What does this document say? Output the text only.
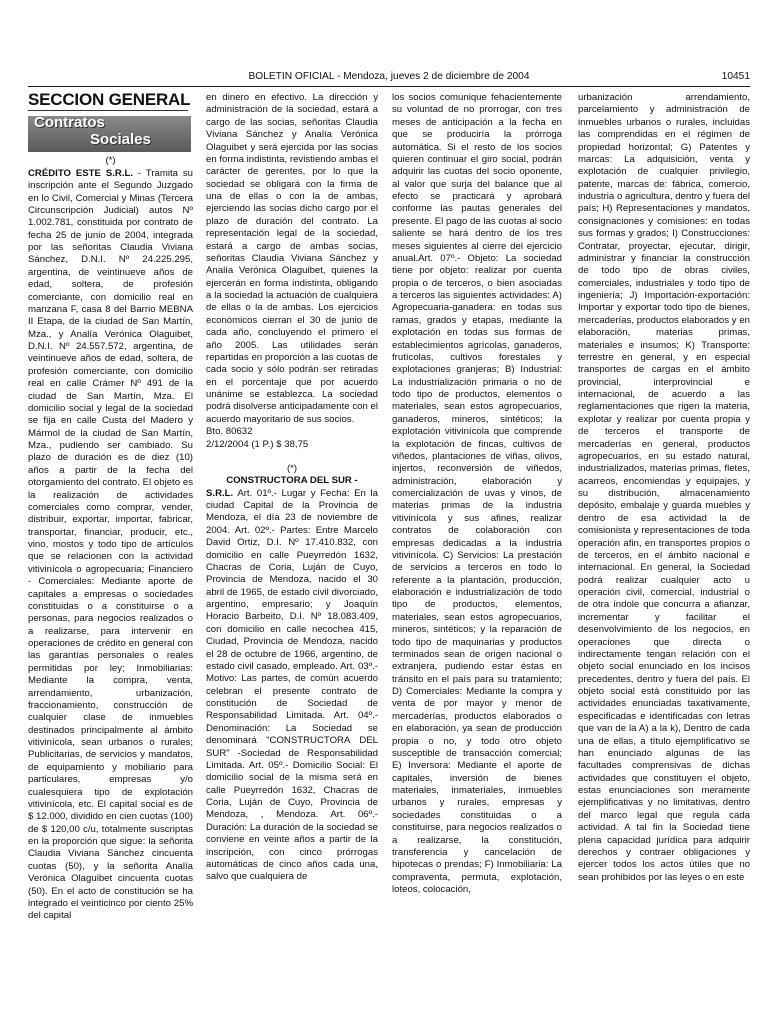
BOLETIN OFICIAL - Mendoza, jueves 2 de diciembre de 2004	10451
SECCION GENERAL
Contratos
Sociales

(*)

CRÉDITO ESTE S.R.L. - Tramita su inscripción ante el Segundo Juzgado en lo Civil, Comercial y Minas (Tercera Circunscripción Judicial) autos Nº 1.002.781, constituida por contrato de fecha 25 de junio de 2004, integrada por las señoritas Claudia Viviana Sánchez, D.N.I. Nº 24.225.295, argentina, de veintinueve años de edad, soltera, de profesión comerciante, con domicilio real en manzana F, casa 8 del Barrio MEBNA II Etapa, de la ciudad de San Martín, Mza., y Analía Verónica Olaguibet, D.N.I. Nº 24.557.572, argentina, de veintinueve años de edad, soltera, de profesión comerciante, con domicilio real en calle Crámer Nº 491 de la ciudad de San Martín, Mza. El domicilio social y legal de la sociedad se fija en calle Custa del Madero y Mármol de la ciudad de San Martín, Mza., pudiendo ser cambiado. Su plazo de duración es de diez (10) años a partir de la fecha del otorgamiento del contrato. El objeto es la realización de actividades comerciales como comprar, vender, distribuir, exportar, importar, fabricar, transportar, financiar, producir, etc., vino, mostos y todo tipo de artículos que se relacionen con la actividad vitivinícola o agropecuaria; Financiero - Comerciales: Mediante aporte de capitales a empresas o sociedades constituidas o a constituirse o a personas, para negocios realizados o a realizarse, para intervenir en operaciones de crédito en general con las garantías personales o reales permitidas por ley; Inmobiliarias: Mediante la compra, venta, arrendamiento, urbanización, fraccionamiento, construcción de cualquier clase de inmuebles destinados principalmente al ámbito vitivinícola, sean urbanos o rurales; Publicitarias, de servicios y mandatos, de equipamiento y mobiliario para particulares, empresas y/o cualesquiera tipo de explotación vitivinícola, etc. El capital social es de $ 12.000, dividido en cien cuotas (100) de $ 120,00 c/u, totalmente suscriptas en la proporción que sigue: la señorita Claudia Viviana Sánchez cincuenta cuotas (50), y la señorita Analía Verónica Olaguibet cincuenta cuotas (50). En el acto de constitución se ha integrado el veinticinco por ciento 25% del capital

en dinero en efectivo. La dirección y administración de la sociedad, estará a cargo de las socias, señoritas Claudia Viviana Sánchez y Analía Verónica Olaguibet y será ejercida por las socias en forma indistinta, revistiendo ambas el carácter de gerentes, por lo que la sociedad se obligará con la firma de una de ellas o con la de ambas, ejerciendo las socias dicho cargo por el plazo de duración del contrato. La representación legal de la sociedad, estará a cargo de ambas socias, señoritas Claudia Viviana Sánchez y Analía Verónica Olaguibet, quienes la ejercerán en forma indistinta, obligando a la sociedad la actuación de cualquiera de ellas o la de ambas. Los ejercicios económicos cierran el 30 de junio de cada año, concluyendo el primero el año 2005. Las utilidades serán repartidas en proporción a las cuotas de cada socio y sólo podrán ser retiradas en el porcentaje que por acuerdo unánime se establezca. La sociedad podrá disolverse anticipadamente con el acuerdo mayoritario de sus socios.

Bto. 80632

2/12/2004 (1 P.) $ 38,75

(*)

CONSTRUCTORA DEL SUR -

S.R.L. Art. 01º.- Lugar y Fecha: En la ciudad Capital de la Provincia de Mendoza, el día 23 de noviembre de 2004. Art. 02º.- Partes: Entre Marcelo David Ortiz, D.I. Nº 17.410.832, con domicilio en calle Pueyrredón 1632, Chacras de Coria, Luján de Cuyo, Provincia de Mendoza, nacido el 30 abril de 1965, de estado civil divorciado, argentino, empresario; y Joaquín Horacio Barbeito, D.I. Nº 18.083.409, con domicilio en calle necochea 415, Ciudad, Provincia de Mendoza, nacido el 28 de octubre de 1966, argentino, de estado civil casado, empleado. Art. 03º.- Motivo: Las partes, de común acuerdo celebran el presente contrato de constitución de Sociedad de Responsabilidad Limitada. Art. 04º.- Denominación: La Sociedad se denominará "CONSTRUCTORA DEL SUR" -Sociedad de Responsabilidad Limitada. Art. 05º.- Domicilio Social: El domicilio social de la misma será en calle Pueyrredón 1632, Chacras de Coria, Luján de Cuyo, Provincia de Mendoza, , Mendoza. Art. 06º.- Duración: La duración de la sociedad se conviene en veinte años a partir de la inscripción, con cinco prórrogas automáticas de cinco años cada una, salvo que cualquiera de

los socios comunique fehacientemente su voluntad de no prorrogar, con tres meses de anticipación a la fecha en que se produciría la prórroga automática. Si el resto de los socios quieren continuar el giro social, podrán adquirir las cuotas del socio oponente, al valor que surja del balance que al efecto se practicará y aprobará conforme las pautas generales del presente. El pago de las cuotas al socio saliente se hará dentro de los tres meses siguientes al cierre del ejercicio anual.Art. 07º.- Objeto: La sociedad tiene por objeto: realizar por cuenta propia o de terceros, o bien asociadas a terceros las siguientes actividades: A) Agropecuaria-ganadera: en todas sus ramas, grados y etapas, mediante la explotación en todas sus formas de establecimientos agrícolas, ganaderos, frutícolas, cultivos forestales y explotaciones granjeras; B) Industrial: La industrialización primaria o no de todo tipo de productos, elementos o materiales, sean estos agropecuarios, ganaderos, mineros, sintéticos; la explotación vitivinícola que comprende la explotación de fincas, cultivos de viñedos, plantaciones de viñas, olivos, injertos, reconversión de viñedos, administración, elaboración y comercialización de uvas y vinos, de materias primas de la industria vitivinícola y sus afines, realizar contratos de colaboración con empresas dedicadas a la industria vitivinícola. C) Servicios: La prestación de servicios a terceros en todo lo referente a la plantación, producción, elaboración e industrialización de todo tipo de productos, elementos, materiales, sean estos agropecuarios, mineros, sintéticos; y la reparación de todo tipo de maquinarias y productos terminados sean de origen nacional o extranjera, pudiendo estar éstas en tránsito en el país para su tratamiento; D) Comerciales: Mediante la compra y venta de por mayor y menor de mercaderías, productos elaborados o en elaboración, ya sean de producción propia o no, y todo otro objeto susceptible de transacción comercial; E) Inversora: Mediante el aporte de capitales, inversión de bienes materiales, inmateriales, inmuebles urbanos y rurales, empresas y sociedades constituidas o a constituirse, para negocios realizados o a realizarse, la constitución, transferencia y cancelación de hipotecas o prendas; F) Inmobiliaria: La compraventa, permuta, explotación, loteos, colocación,

urbanización arrendamiento, parcelamiento y administración de inmuebles urbanos o rurales, incluidas las comprendidas en el régimen de propiedad horizontal; G) Patentes y marcas: La adquisición, venta y explotación de cualquier privilegio, patente, marcas de: fábrica, comercio, industria o agricultura, dentro y fuera del país; H) Representaciones y mandatos, consignaciones y comisiones: en todas sus formas y grados; I) Construcciones: Contratar, proyectar, ejecutar, dirigir, administrar y financiar la construcción de todo tipo de obras civiles, comerciales, industriales y todo tipo de ingeniería; J) Importación-exportación: Importar y exportar todo tipo de bienes, mercaderías, productos elaborados y en elaboración, materias primas, materiales e insumos; K) Transporte: terrestre en general, y en especial transportes de cargas en el ámbito provincial, interprovincial e internacional, de acuerdo a las reglamentaciones que rigen la materia, explotar y realizar por cuenta propia y de terceros el transporte de mercaderías en general, productos agropecuarios, en su estado natural, industrializados, materias primas, fletes, acarreos, encomiendas y equipajes, y su distribución, almacenamiento depósito, embalaje y guarda muebles y dentro de esa actividad la de comisionista y representaciones de toda operación afin, en transportes propios o de terceros, en el ámbito nacional e internacional. En general, la Sociedad podrá realizar cualquier acto u operación civil, comercial, industrial o de otra índole que concurra a afianzar, incrementar y facilitar el desenvolvimiento de los negocios, en operaciones que directa o indirectamente tengan relación con el objeto social enunciado en los incisos precedentes, dentro y fuera del país. El objeto social está constituido por las actividades enunciadas taxativamente, especificadas e identificadas con letras que van de la A) a la k), Dentro de cada una de ellas, a título ejemplificativo se han enunciado algunas de las facultades comprensivas de dichas actividades que constituyen el objeto, estas enunciaciones son meramente ejemplificativas y no limitativas, dentro del marco legal que regula cada actividad. A tal fin la Sociedad tiene plena capacidad jurídica para adquirir derechos y contraer obligaciones y ejercer todos los actos útiles que no sean prohibidos por las leyes o en este
